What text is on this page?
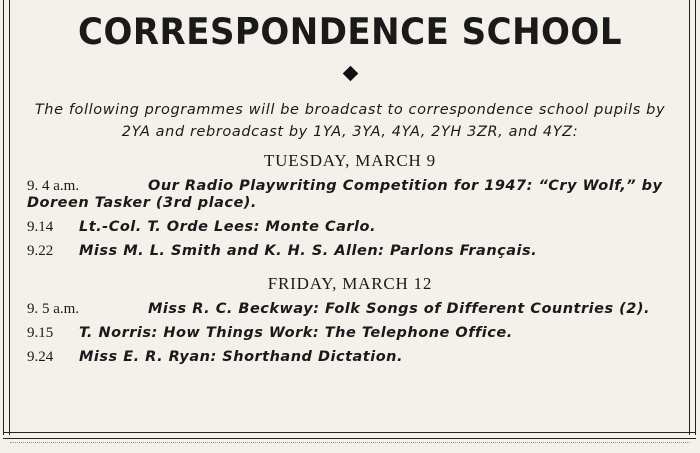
CORRESPONDENCE SCHOOL
The following programmes will be broadcast to correspondence school pupils by 2YA and rebroadcast by 1YA, 3YA, 4YA, 2YH 3ZR, and 4YZ:
TUESDAY, MARCH 9
9. 4 a.m.	Our Radio Playwriting Competition for 1947: “Cry Wolf,” by Doreen Tasker (3rd place).
9.14	Lt.-Col. T. Orde Lees: Monte Carlo.
9.22	Miss M. L. Smith and K. H. S. Allen: Parlons Français.
FRIDAY, MARCH 12
9. 5 a.m.	Miss R. C. Beckway: Folk Songs of Different Countries (2).
9.15	T. Norris: How Things Work: The Telephone Office.
9.24	Miss E. R. Ryan: Shorthand Dictation.
